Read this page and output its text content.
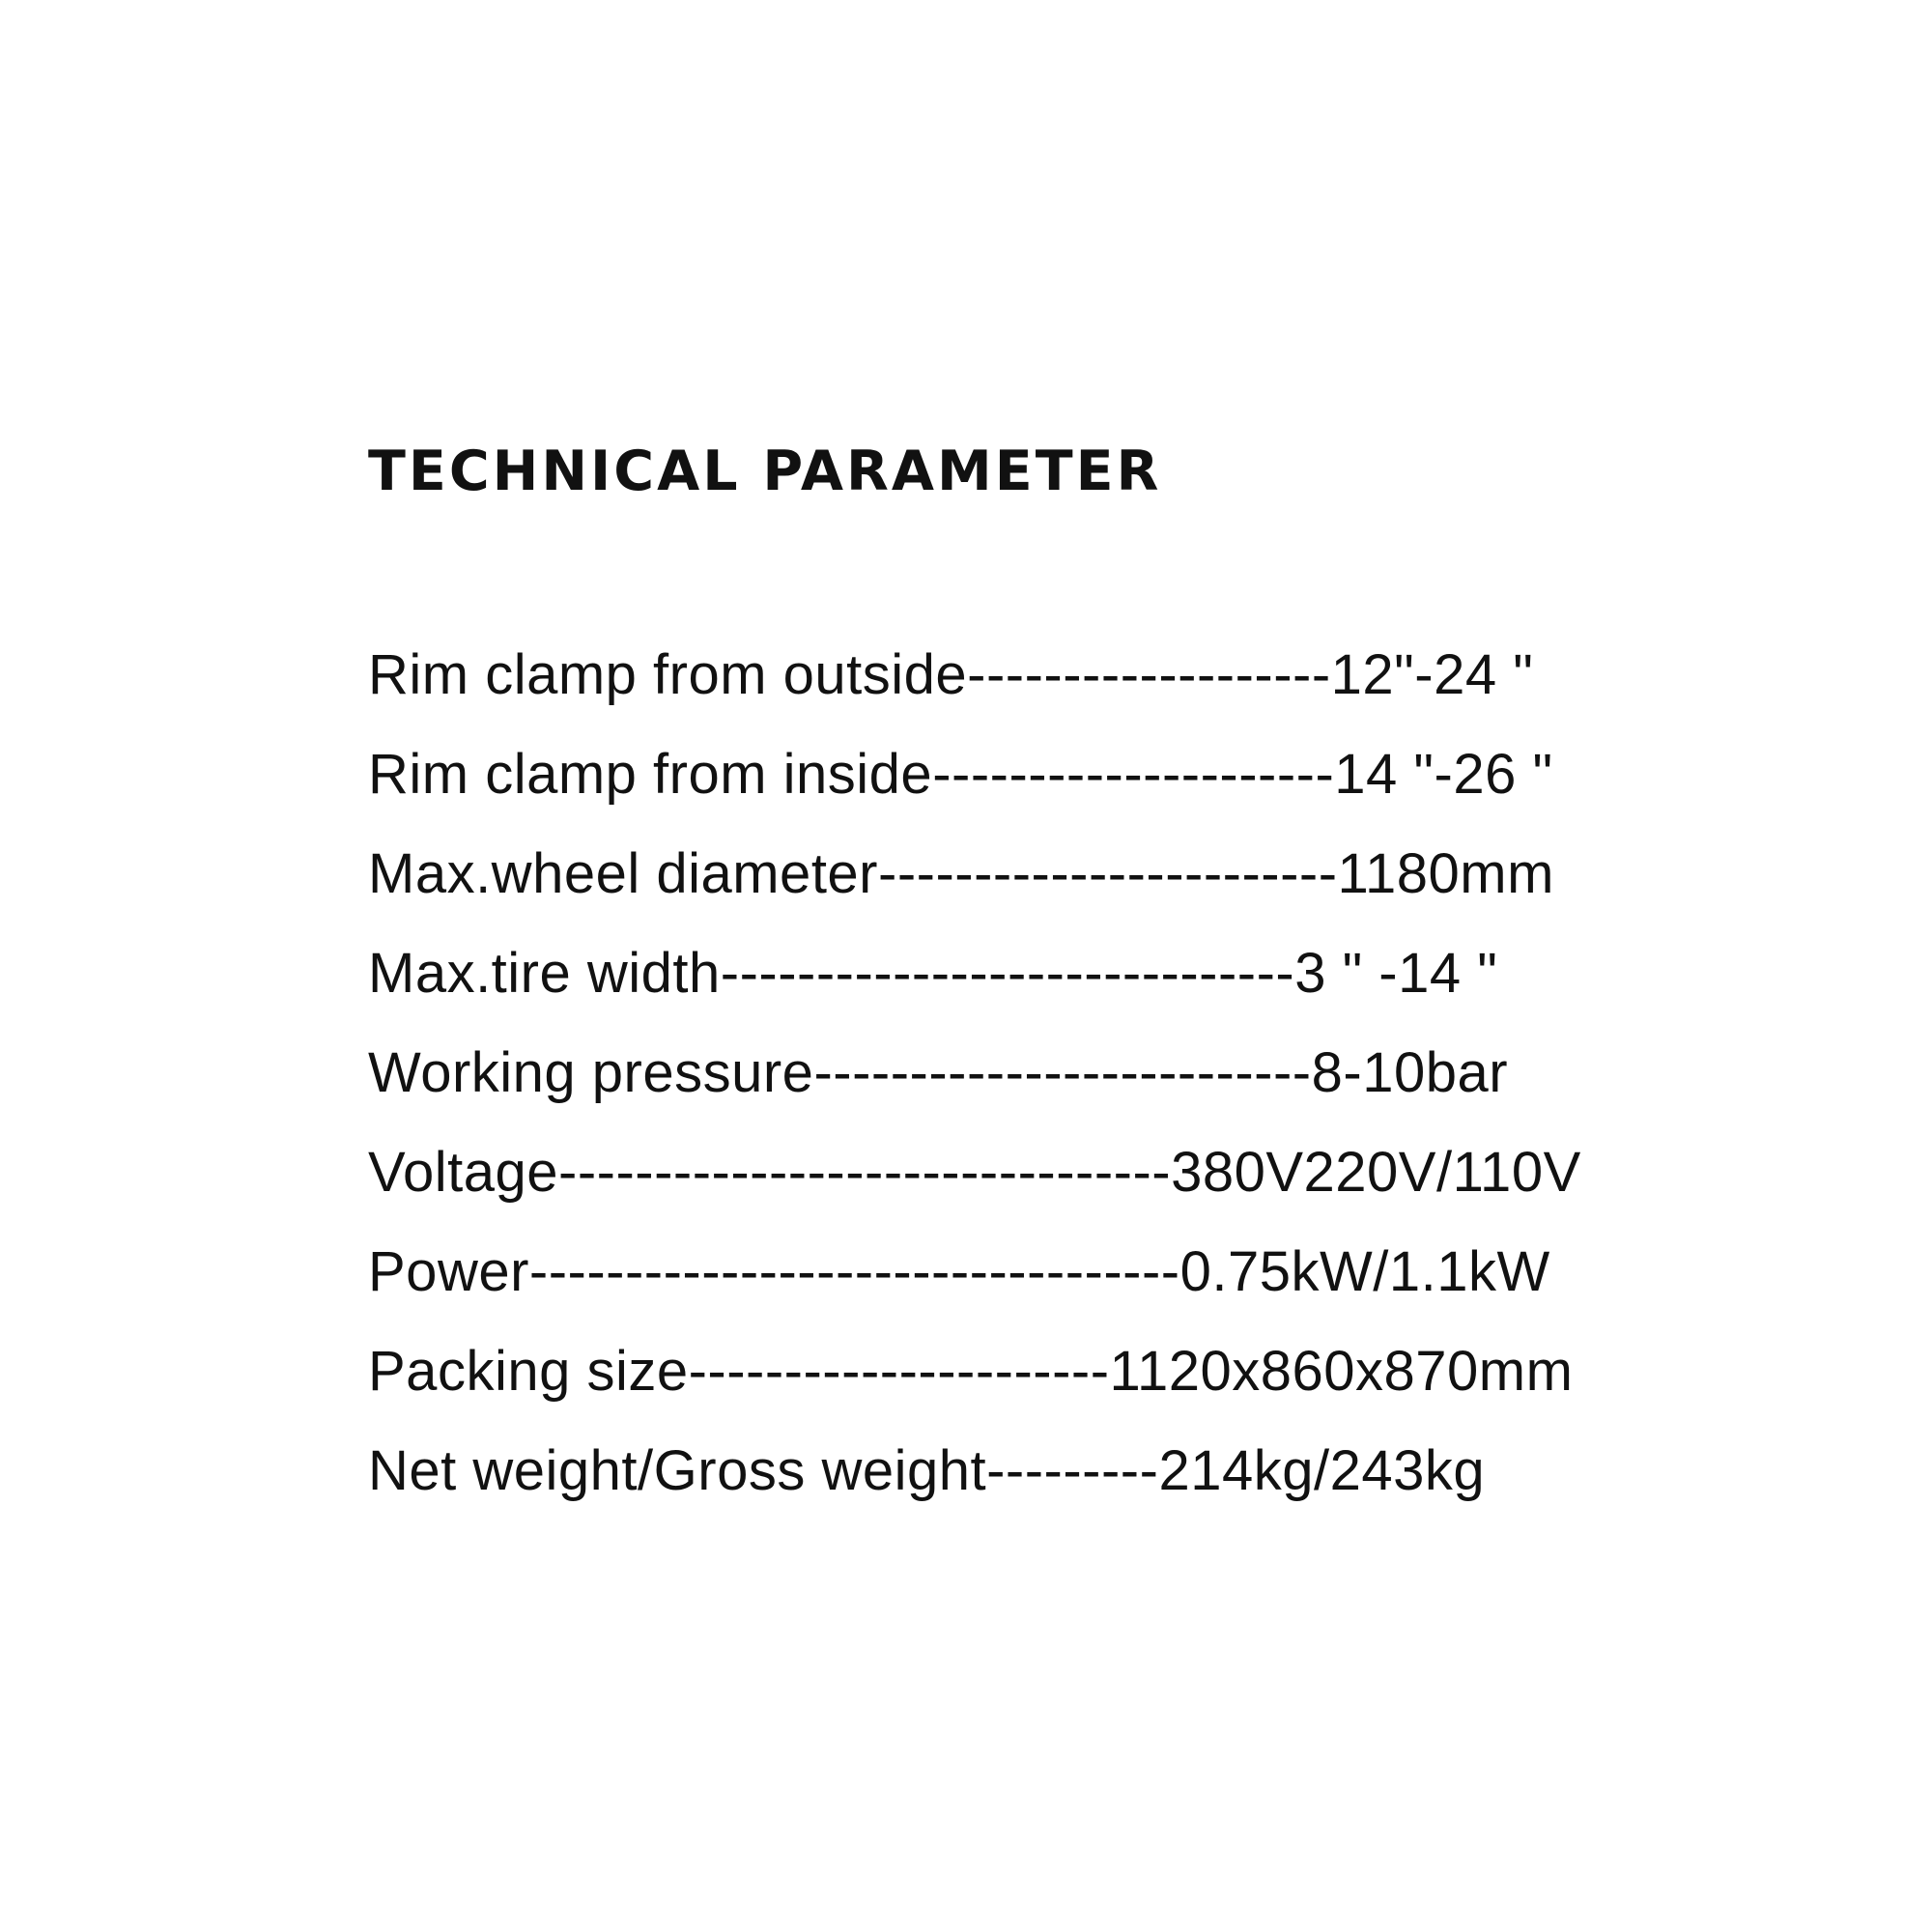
TECHNICAL PARAMETER
Rim clamp from outside-------------------12"-24 "
Rim clamp from inside---------------------14 "-26 "
Max.wheel diameter------------------------1180mm
Max.tire width------------------------------3 " -14 "
Working pressure--------------------------8-10bar
Voltage--------------------------------380V220V/110V
Power----------------------------------0.75kW/1.1kW
Packing size----------------------1120x860x870mm
Net weight/Gross weight---------214kg/243kg
